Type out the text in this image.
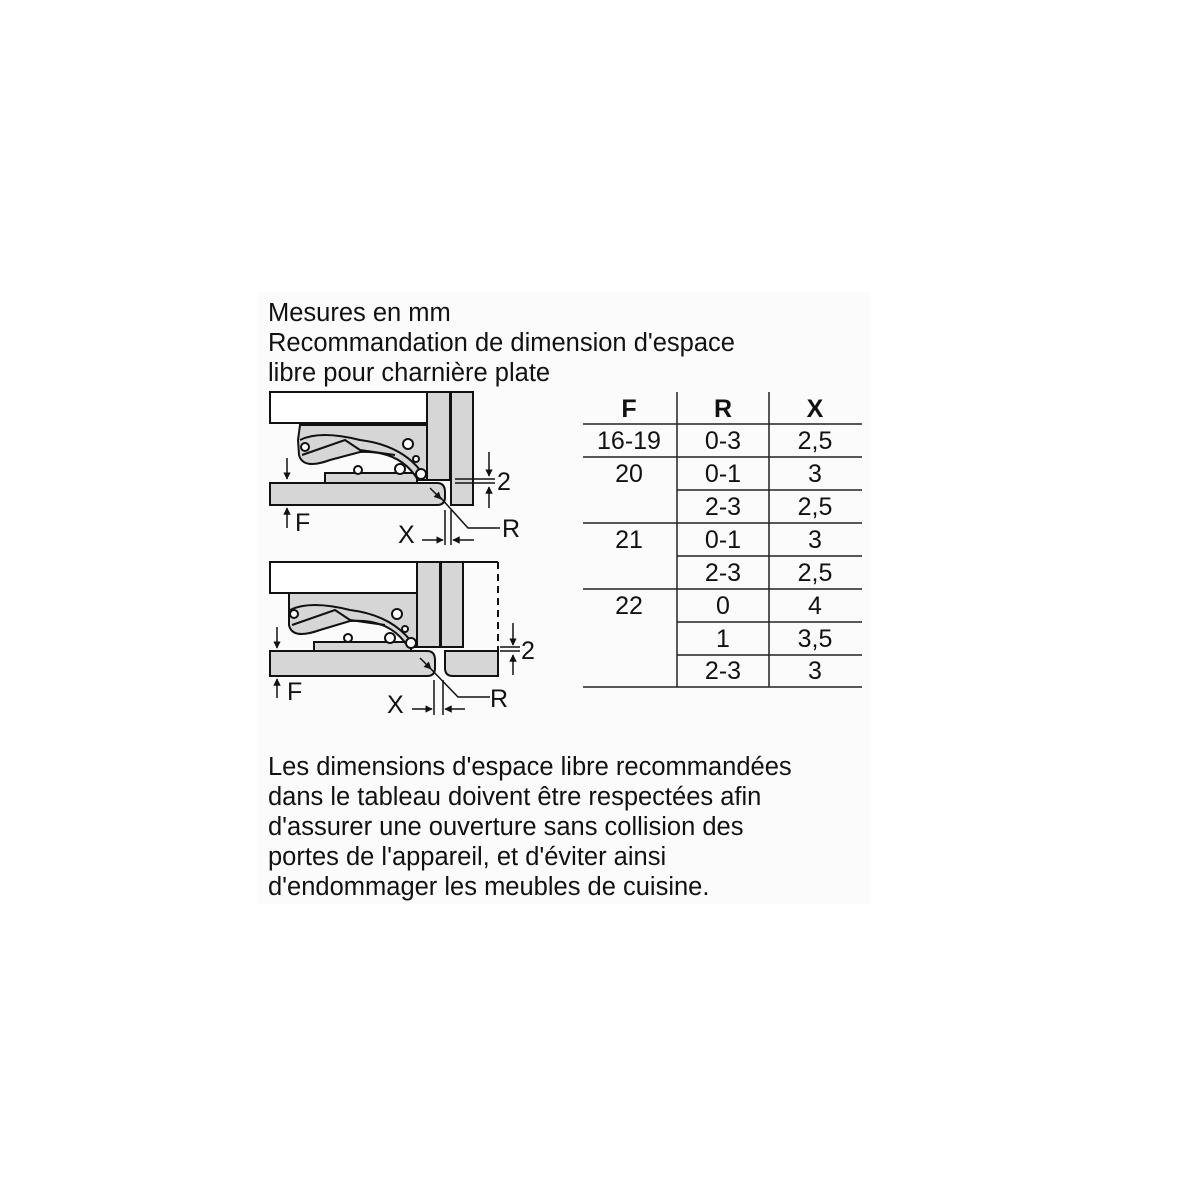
Mesures en mm
Recommandation de dimension d'espace
libre pour charnière plate
F	X	R
2
F	X	R
2
F	R	X
16-19	0-3	2,5
20	0-1	3
2-3	2,5
21	0-1	3
2-3	2,5
22	0	4
1	3,5
2-3	3
Les dimensions d'espace libre recommandées
dans le tableau doivent être respectées afin
d'assurer une ouverture sans collision des
portes de l'appareil, et d'éviter ainsi
d'endommager les meubles de cuisine.
